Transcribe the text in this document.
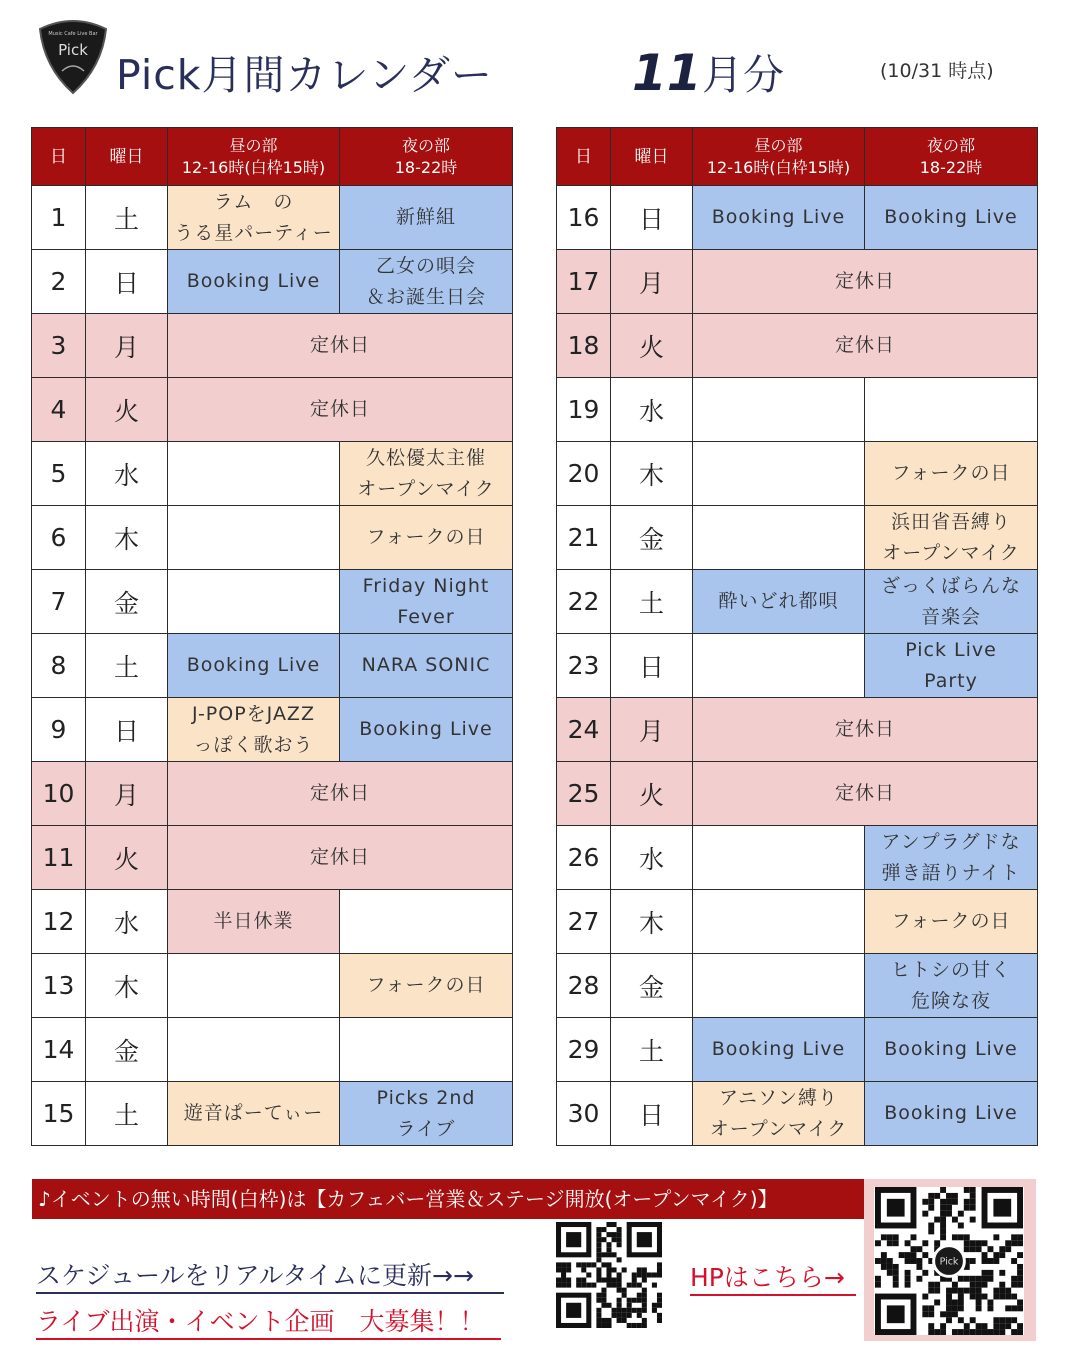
Music Cafe Live Bar
Pick
Pick月間カレンダー	11 月分	(10/31 時点)
日	曜日	昼の部
12-16時(白枠15時)	夜の部
18-22時
1	土	ラム　の
うる星パーティー	新鮮組
2	日	Booking Live	乙女の唄会
＆お誕生日会
3	月	定休日	
4	火	定休日	
5	水		久松優太主催
オープンマイク
6	木		フォークの日
7	金		Friday Night
Fever
8	土	Booking Live	NARA SONIC
9	日	J-POPをJAZZ
っぽく歌おう	Booking Live
10	月	定休日	
11	火	定休日	
12	水	半日休業	
13	木		フォークの日
14	金		
15	土	遊音ぱーてぃー	Picks 2nd
ライブ
日	曜日	昼の部
12-16時(白枠15時)	夜の部
18-22時
16	日	Booking Live	Booking Live
17	月	定休日	
18	火	定休日	
19	水		
20	木		フォークの日
21	金		浜田省吾縛り
オープンマイク
22	土	酔いどれ都唄	ざっくばらんな
音楽会
23	日		Pick Live
Party
24	月	定休日	
25	火	定休日	
26	水		アンプラグドな
弾き語りナイト
27	木		フォークの日
28	金		ヒトシの甘く
危険な夜
29	土	Booking Live	Booking Live
30	日	アニソン縛り
オープンマイク	Booking Live
♪イベントの無い時間(白枠)は【カフェバー営業＆ステージ開放(オープンマイク)】
スケジュールをリアルタイムに更新→→
ライブ出演・イベント企画　大募集！！
HPはこちら→
Pick
